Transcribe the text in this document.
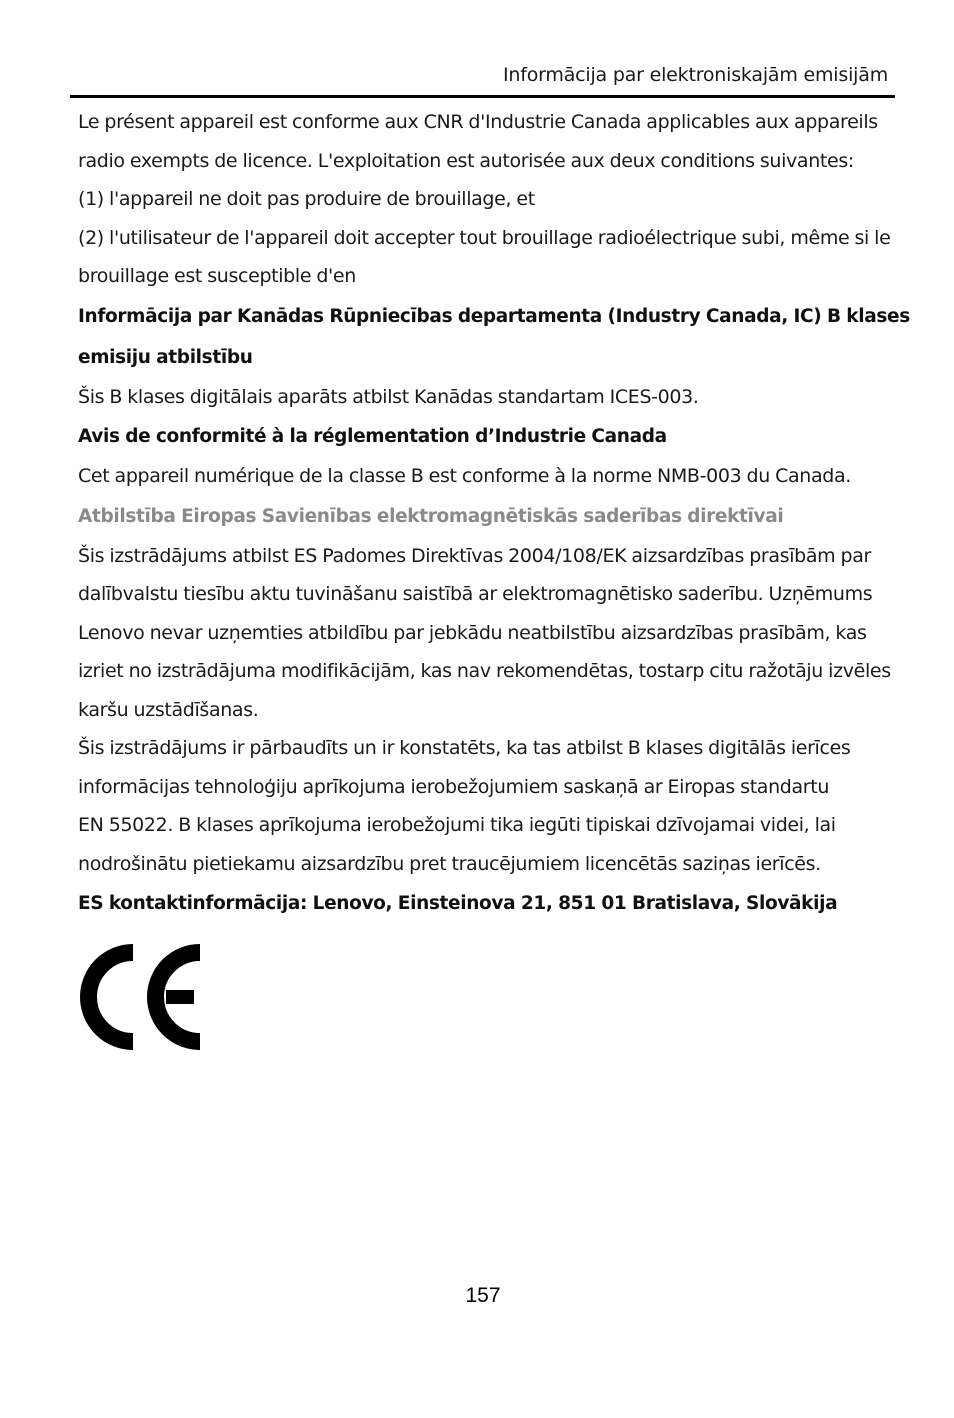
Informācija par elektroniskajām emisijām

Le présent appareil est conforme aux CNR d'Industrie Canada applicables aux appareils

radio exempts de licence. L'exploitation est autorisée aux deux conditions suivantes:

(1) l'appareil ne doit pas produire de brouillage, et

(2) l'utilisateur de l'appareil doit accepter tout brouillage radioélectrique subi, même si le

brouillage est susceptible d'en

Informācija par Kanādas Rūpniecības departamenta (Industry Canada, IC) B klases

emisiju atbilstību

Šis B klases digitālais aparāts atbilst Kanādas standartam ICES-003.

Avis de conformité à la réglementation d’Industrie Canada

Cet appareil numérique de la classe B est conforme à la norme NMB-003 du Canada.

Atbilstība Eiropas Savienības elektromagnētiskās saderības direktīvai

Šis izstrādājums atbilst ES Padomes Direktīvas 2004/108/EK aizsardzības prasībām par

dalībvalstu tiesību aktu tuvināšanu saistībā ar elektromagnētisko saderību. Uzņēmums

Lenovo nevar uzņemties atbildību par jebkādu neatbilstību aizsardzības prasībām, kas

izriet no izstrādājuma modifikācijām, kas nav rekomendētas, tostarp citu ražotāju izvēles

karšu uzstādīšanas.

Šis izstrādājums ir pārbaudīts un ir konstatēts, ka tas atbilst B klases digitālās ierīces

informācijas tehnoloģiju aprīkojuma ierobežojumiem saskaņā ar Eiropas standartu

EN 55022. B klases aprīkojuma ierobežojumi tika iegūti tipiskai dzīvojamai videi, lai

nodrošinātu pietiekamu aizsardzību pret traucējumiem licencētās saziņas ierīcēs.

ES kontaktinformācija: Lenovo, Einsteinova 21, 851 01 Bratislava, Slovākija

157
